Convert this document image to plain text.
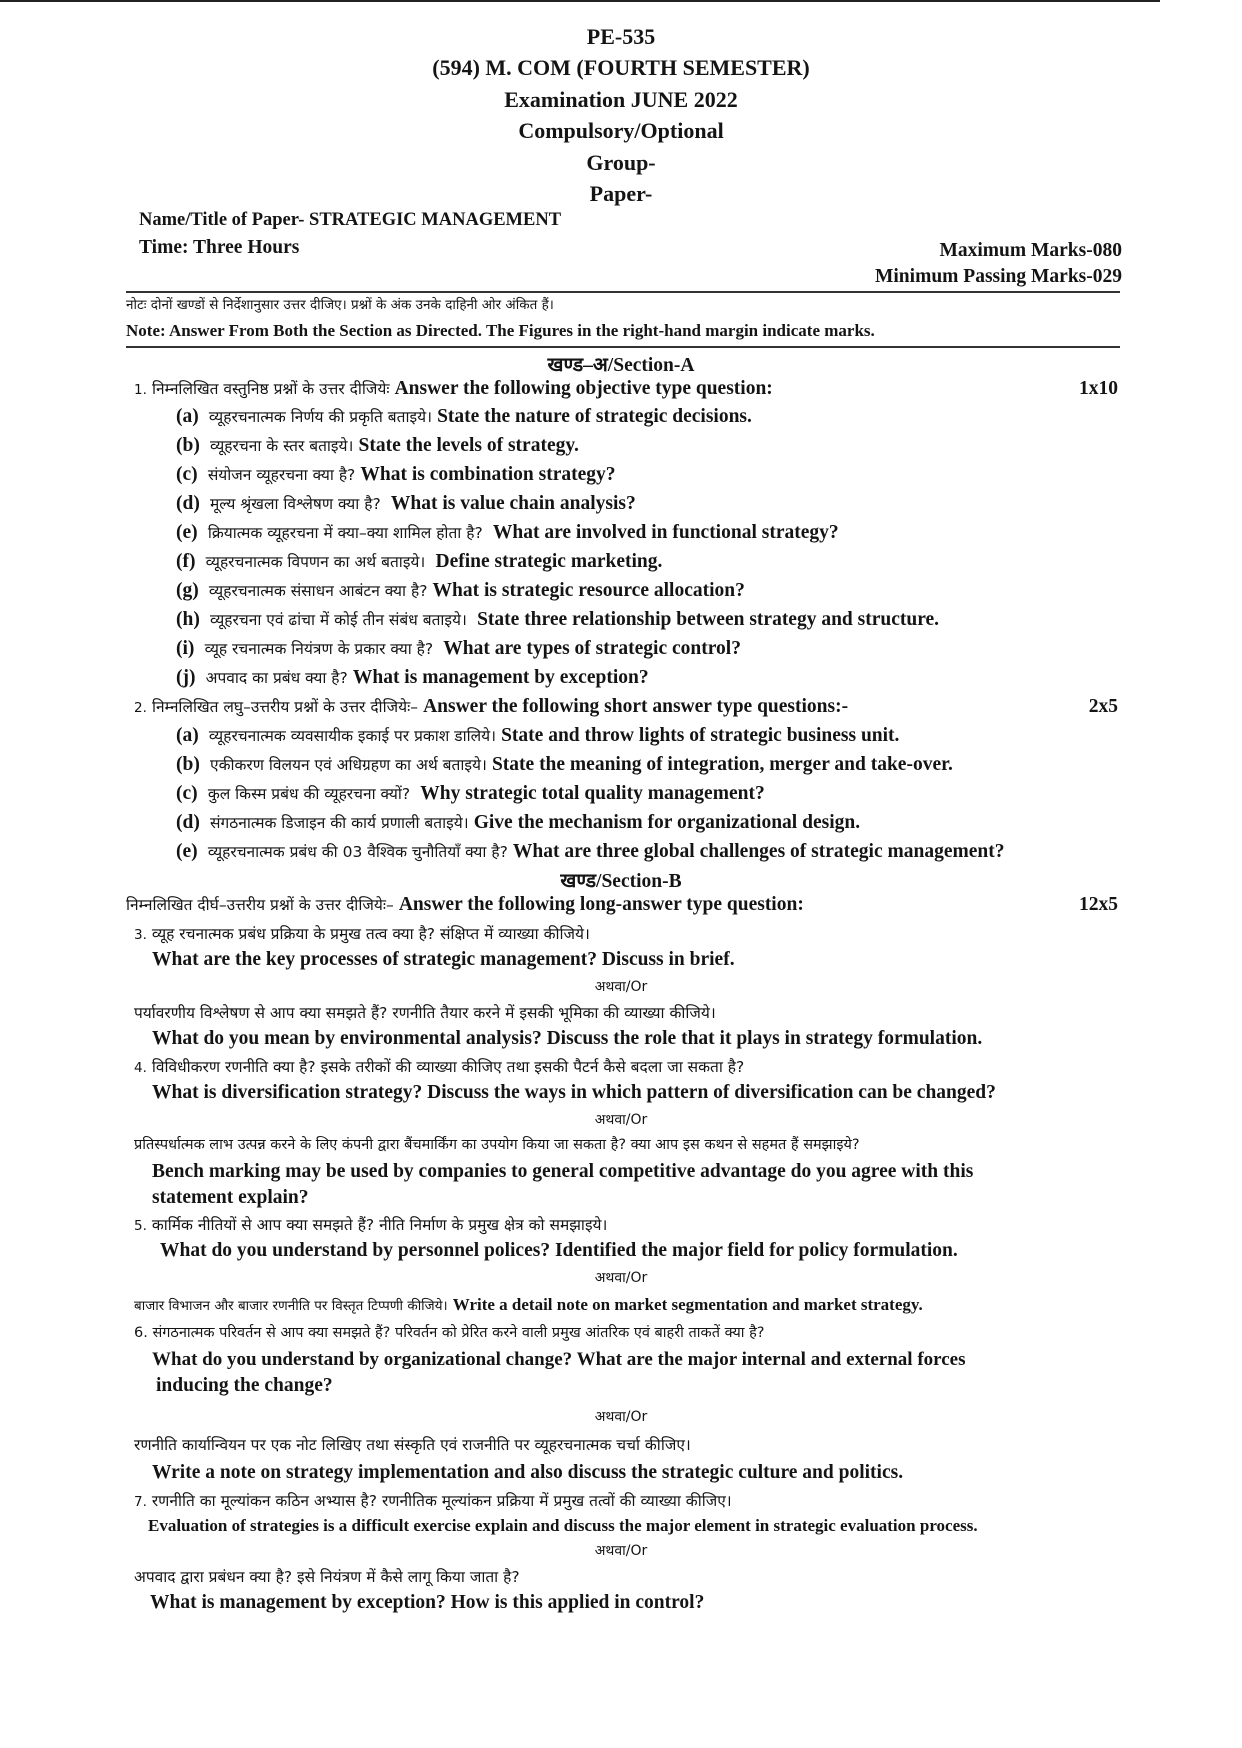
PE-535
(594) M. COM (FOURTH SEMESTER)
Examination JUNE 2022
Compulsory/Optional
Group-
Paper-
Name/Title of Paper- STRATEGIC MANAGEMENT
Time: Three Hours	Maximum Marks-080
Minimum Passing Marks-029
नोटः दोनों खण्डों से निर्देशानुसार उत्तर दीजिए। प्रश्नों के अंक उनके दाहिनी ओर अंकित हैं।
Note: Answer From Both the Section as Directed. The Figures in the right-hand margin indicate marks.
खण्ड–अ/Section-A
1. निम्नलिखित वस्तुनिष्ठ प्रश्नों के उत्तर दीजियेः Answer the following objective type question:	1x10
(a) व्यूहरचनात्मक निर्णय की प्रकृति बताइये। State the nature of strategic decisions.
(b) व्यूहरचना के स्तर बताइये। State the levels of strategy.
(c) संयोजन व्यूहरचना क्या है? What is combination strategy?
(d) मूल्य श्रृंखला विश्लेषण क्या है? What is value chain analysis?
(e) क्रियात्मक व्यूहरचना में क्या–क्या शामिल होता है? What are involved in functional strategy?
(f) व्यूहरचनात्मक विपणन का अर्थ बताइये। Define strategic marketing.
(g) व्यूहरचनात्मक संसाधन आबंटन क्या है? What is strategic resource allocation?
(h) व्यूहरचना एवं ढांचा में कोई तीन संबंध बताइये। State three relationship between strategy and structure.
(i) व्यूह रचनात्मक नियंत्रण के प्रकार क्या है? What are types of strategic control?
(j) अपवाद का प्रबंध क्या है? What is management by exception?
2. निम्नलिखित लघु–उत्तरीय प्रश्नों के उत्तर दीजियेः– Answer the following short answer type questions:-	2x5
(a) व्यूहरचनात्मक व्यवसायीक इकाई पर प्रकाश डालिये। State and throw lights of strategic business unit.
(b) एकीकरण विलयन एवं अधिग्रहण का अर्थ बताइये। State the meaning of integration, merger and take-over.
(c) कुल किस्म प्रबंध की व्यूहरचना क्यों? Why strategic total quality management?
(d) संगठनात्मक डिजाइन की कार्य प्रणाली बताइये। Give the mechanism for organizational design.
(e) व्यूहरचनात्मक प्रबंध की 03 वैश्विक चुनौतियाँ क्या है? What are three global challenges of strategic management?
खण्ड/Section-B
निम्नलिखित दीर्घ–उत्तरीय प्रश्नों के उत्तर दीजियेः– Answer the following long-answer type question:	12x5
3. व्यूह रचनात्मक प्रबंध प्रक्रिया के प्रमुख तत्व क्या है? संक्षिप्त में व्याख्या कीजिये।
What are the key processes of strategic management? Discuss in brief.
अथवा/Or
पर्यावरणीय विश्लेषण से आप क्या समझते हैं? रणनीति तैयार करने में इसकी भूमिका की व्याख्या कीजिये।
What do you mean by environmental analysis? Discuss the role that it plays in strategy formulation.
4. विविधीकरण रणनीति क्या है? इसके तरीकों की व्याख्या कीजिए तथा इसकी पैटर्न कैसे बदला जा सकता है?
What is diversification strategy? Discuss the ways in which pattern of diversification can be changed?
अथवा/Or
प्रतिस्पर्धात्मक लाभ उत्पन्न करने के लिए कंपनी द्वारा बैंचमार्किंग का उपयोग किया जा सकता है? क्या आप इस कथन से सहमत हैं समझाइये?
Bench marking may be used by companies to general competitive advantage do you agree with this
statement explain?
5. कार्मिक नीतियों से आप क्या समझते हैं? नीति निर्माण के प्रमुख क्षेत्र को समझाइये।
What do you understand by personnel polices? Identified the major field for policy formulation.
अथवा/Or
बाजार विभाजन और बाजार रणनीति पर विस्तृत टिप्पणी कीजिये। Write a detail note on market segmentation and market strategy.
6. संगठनात्मक परिवर्तन से आप क्या समझते हैं? परिवर्तन को प्रेरित करने वाली प्रमुख आंतरिक एवं बाहरी ताकतें क्या है?
What do you understand by organizational change? What are the major internal and external forces
inducing the change?
अथवा/Or
रणनीति कार्यान्वियन पर एक नोट लिखिए तथा संस्कृति एवं राजनीति पर व्यूहरचनात्मक चर्चा कीजिए।
Write a note on strategy implementation and also discuss the strategic culture and politics.
7. रणनीति का मूल्यांकन कठिन अभ्यास है? रणनीतिक मूल्यांकन प्रक्रिया में प्रमुख तत्वों की व्याख्या कीजिए।
Evaluation of strategies is a difficult exercise explain and discuss the major element in strategic evaluation process.
अथवा/Or
अपवाद द्वारा प्रबंधन क्या है? इसे नियंत्रण में कैसे लागू किया जाता है?
What is management by exception? How is this applied in control?
